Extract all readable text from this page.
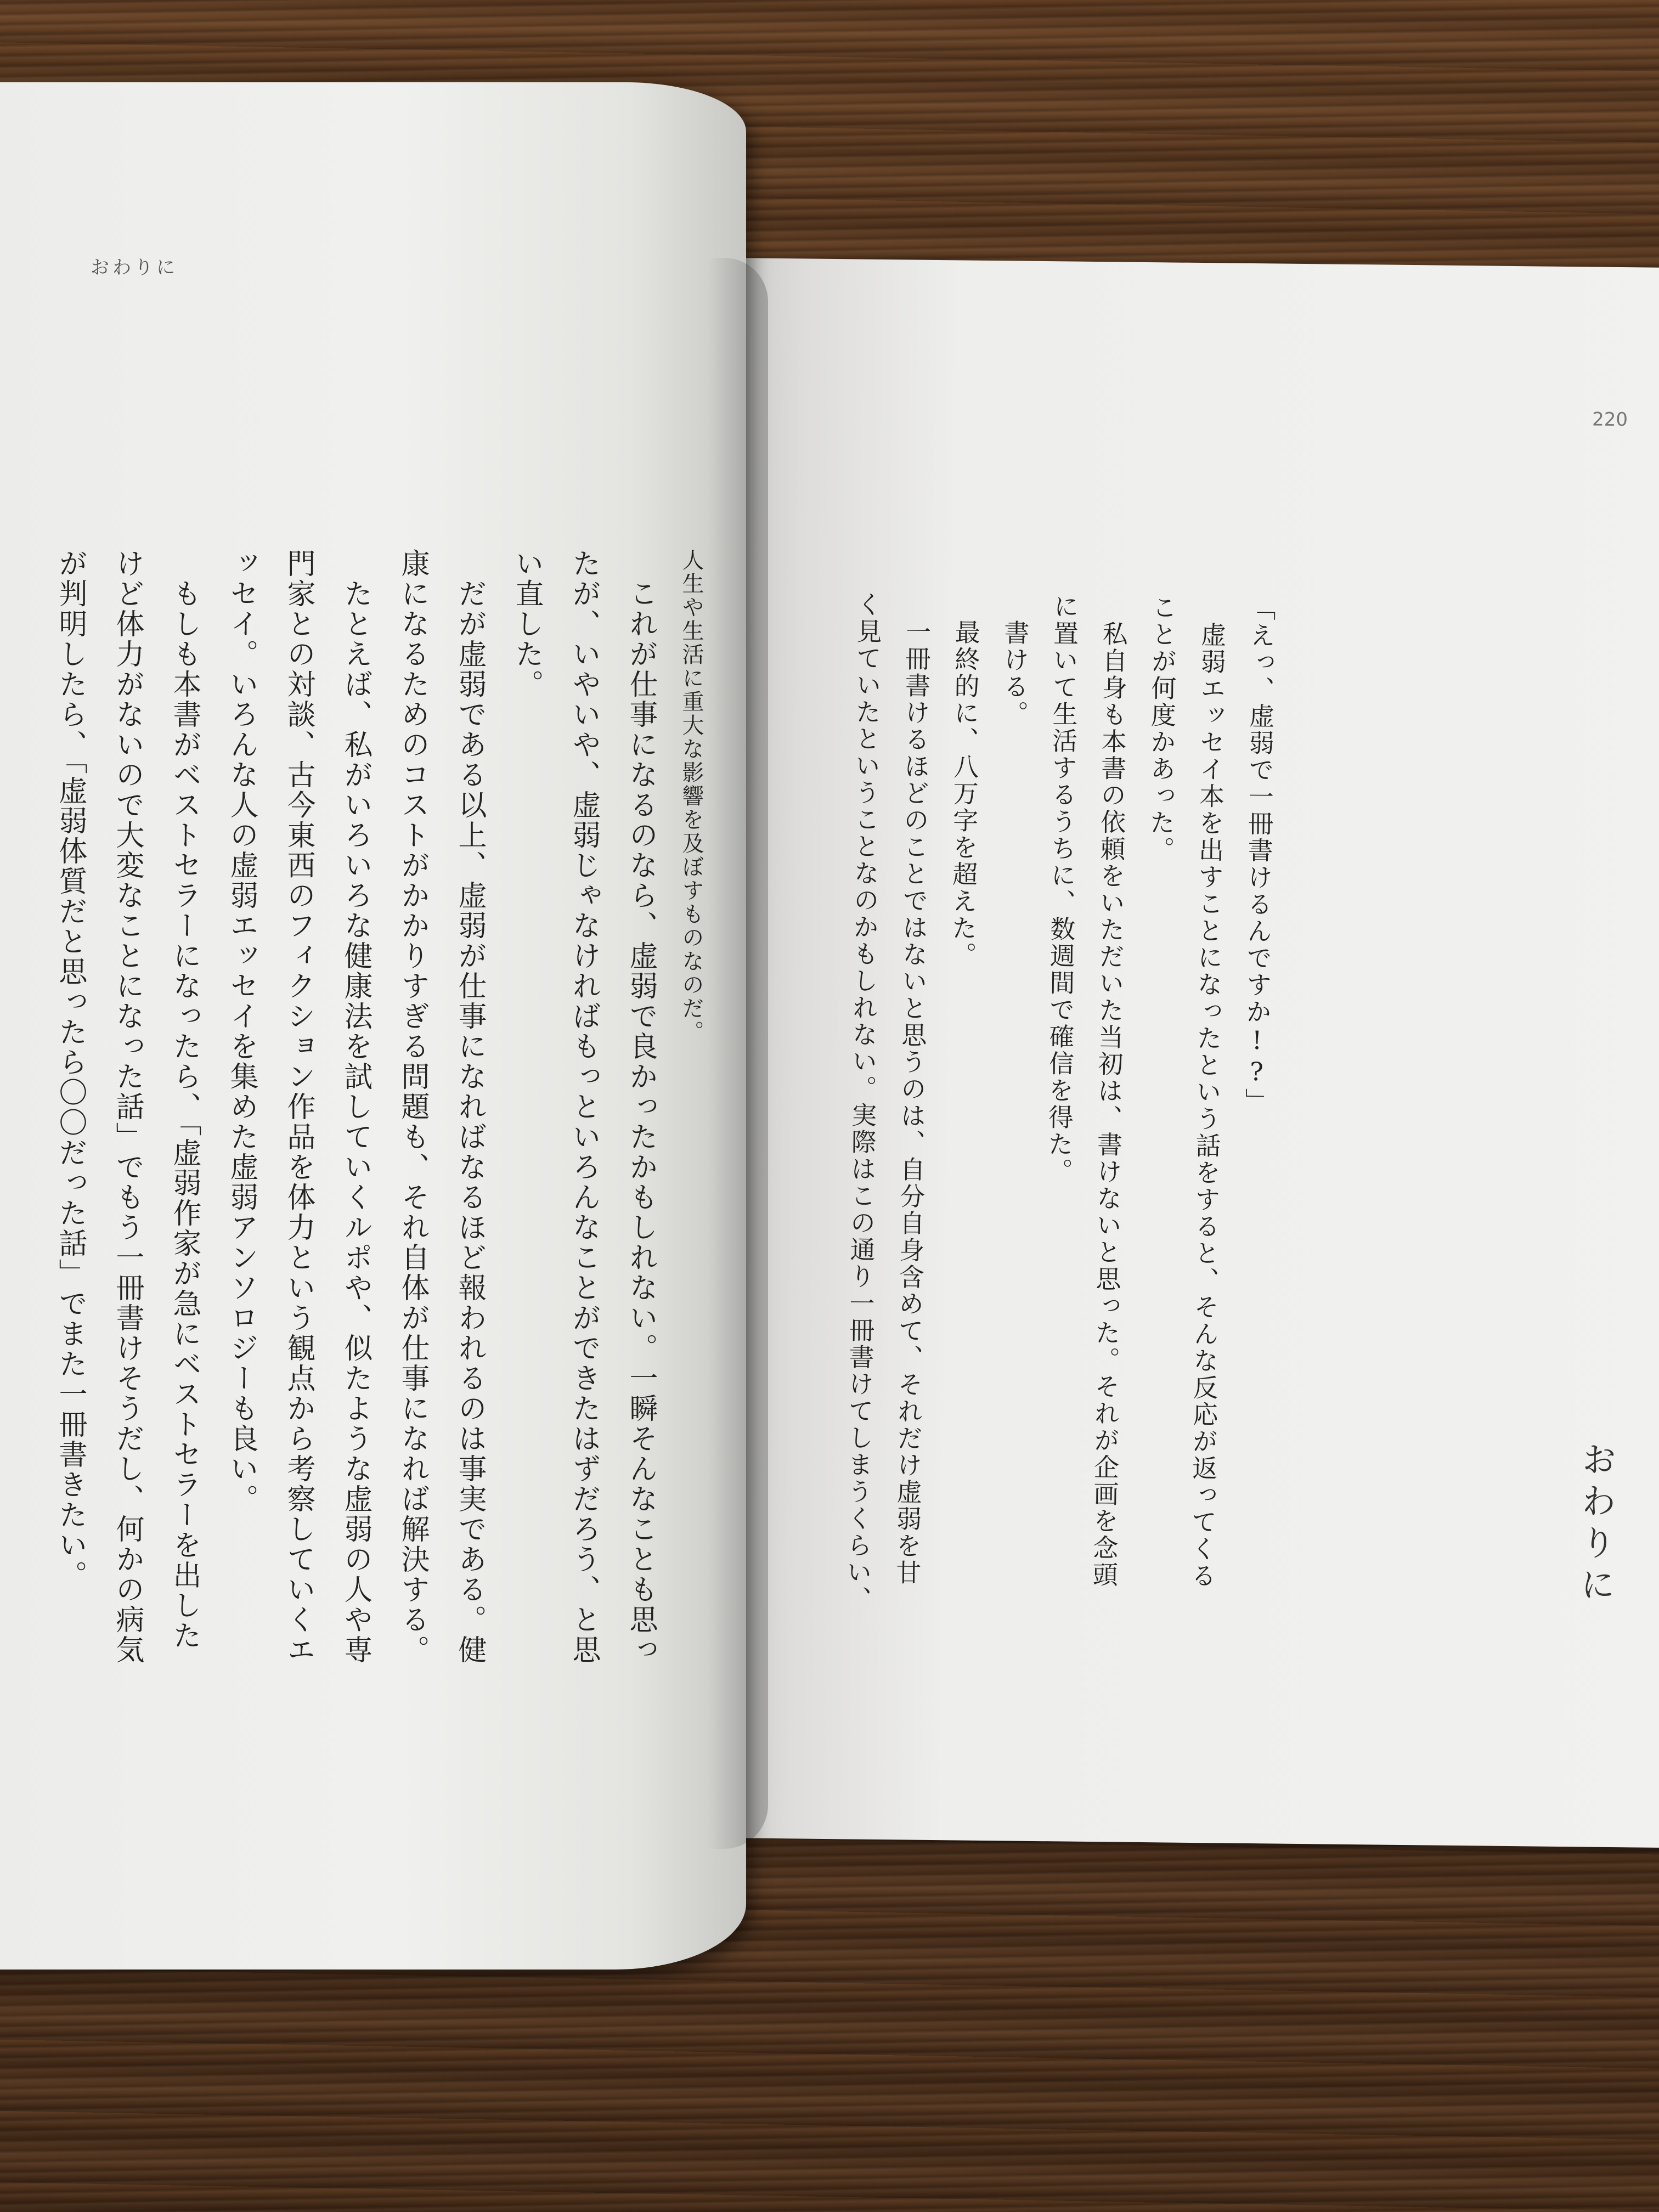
220
おわりに

「えっ、虚弱で一冊書けるんですか!?」

　虚弱エッセイ本を出すことになったという話をすると、そんな反応が返ってくる

ことが何度かあった。

　私自身も本書の依頼をいただいた当初は、書けないと思った。それが企画を念頭

に置いて生活するうちに、数週間で確信を得た。

　書ける。

　最終的に、八万字を超えた。

　一冊書けるほどのことではないと思うのは、自分自身含めて、それだけ虚弱を甘

く見ていたということなのかもしれない。実際はこの通り一冊書けてしまうくらい、

おわりに

人生や生活に重大な影響を及ぼすものなのだ。

　これが仕事になるのなら、虚弱で良かったかもしれない。一瞬そんなことも思っ

たが、いやいや、虚弱じゃなければもっといろんなことができたはずだろう、と思

い直した。

　だが虚弱である以上、虚弱が仕事になればなるほど報われるのは事実である。健

康になるためのコストがかかりすぎる問題も、それ自体が仕事になれば解決する。

　たとえば、私がいろいろな健康法を試していくルポや、似たような虚弱の人や専

門家との対談、古今東西のフィクション作品を体力という観点から考察していくエ

ッセイ。いろんな人の虚弱エッセイを集めた虚弱アンソロジーも良い。

　もしも本書がベストセラーになったら、「虚弱作家が急にベストセラーを出した

けど体力がないので大変なことになった話」でもう一冊書けそうだし、何かの病気

が判明したら、「虚弱体質だと思ったら〇〇だった話」でまた一冊書きたい。
